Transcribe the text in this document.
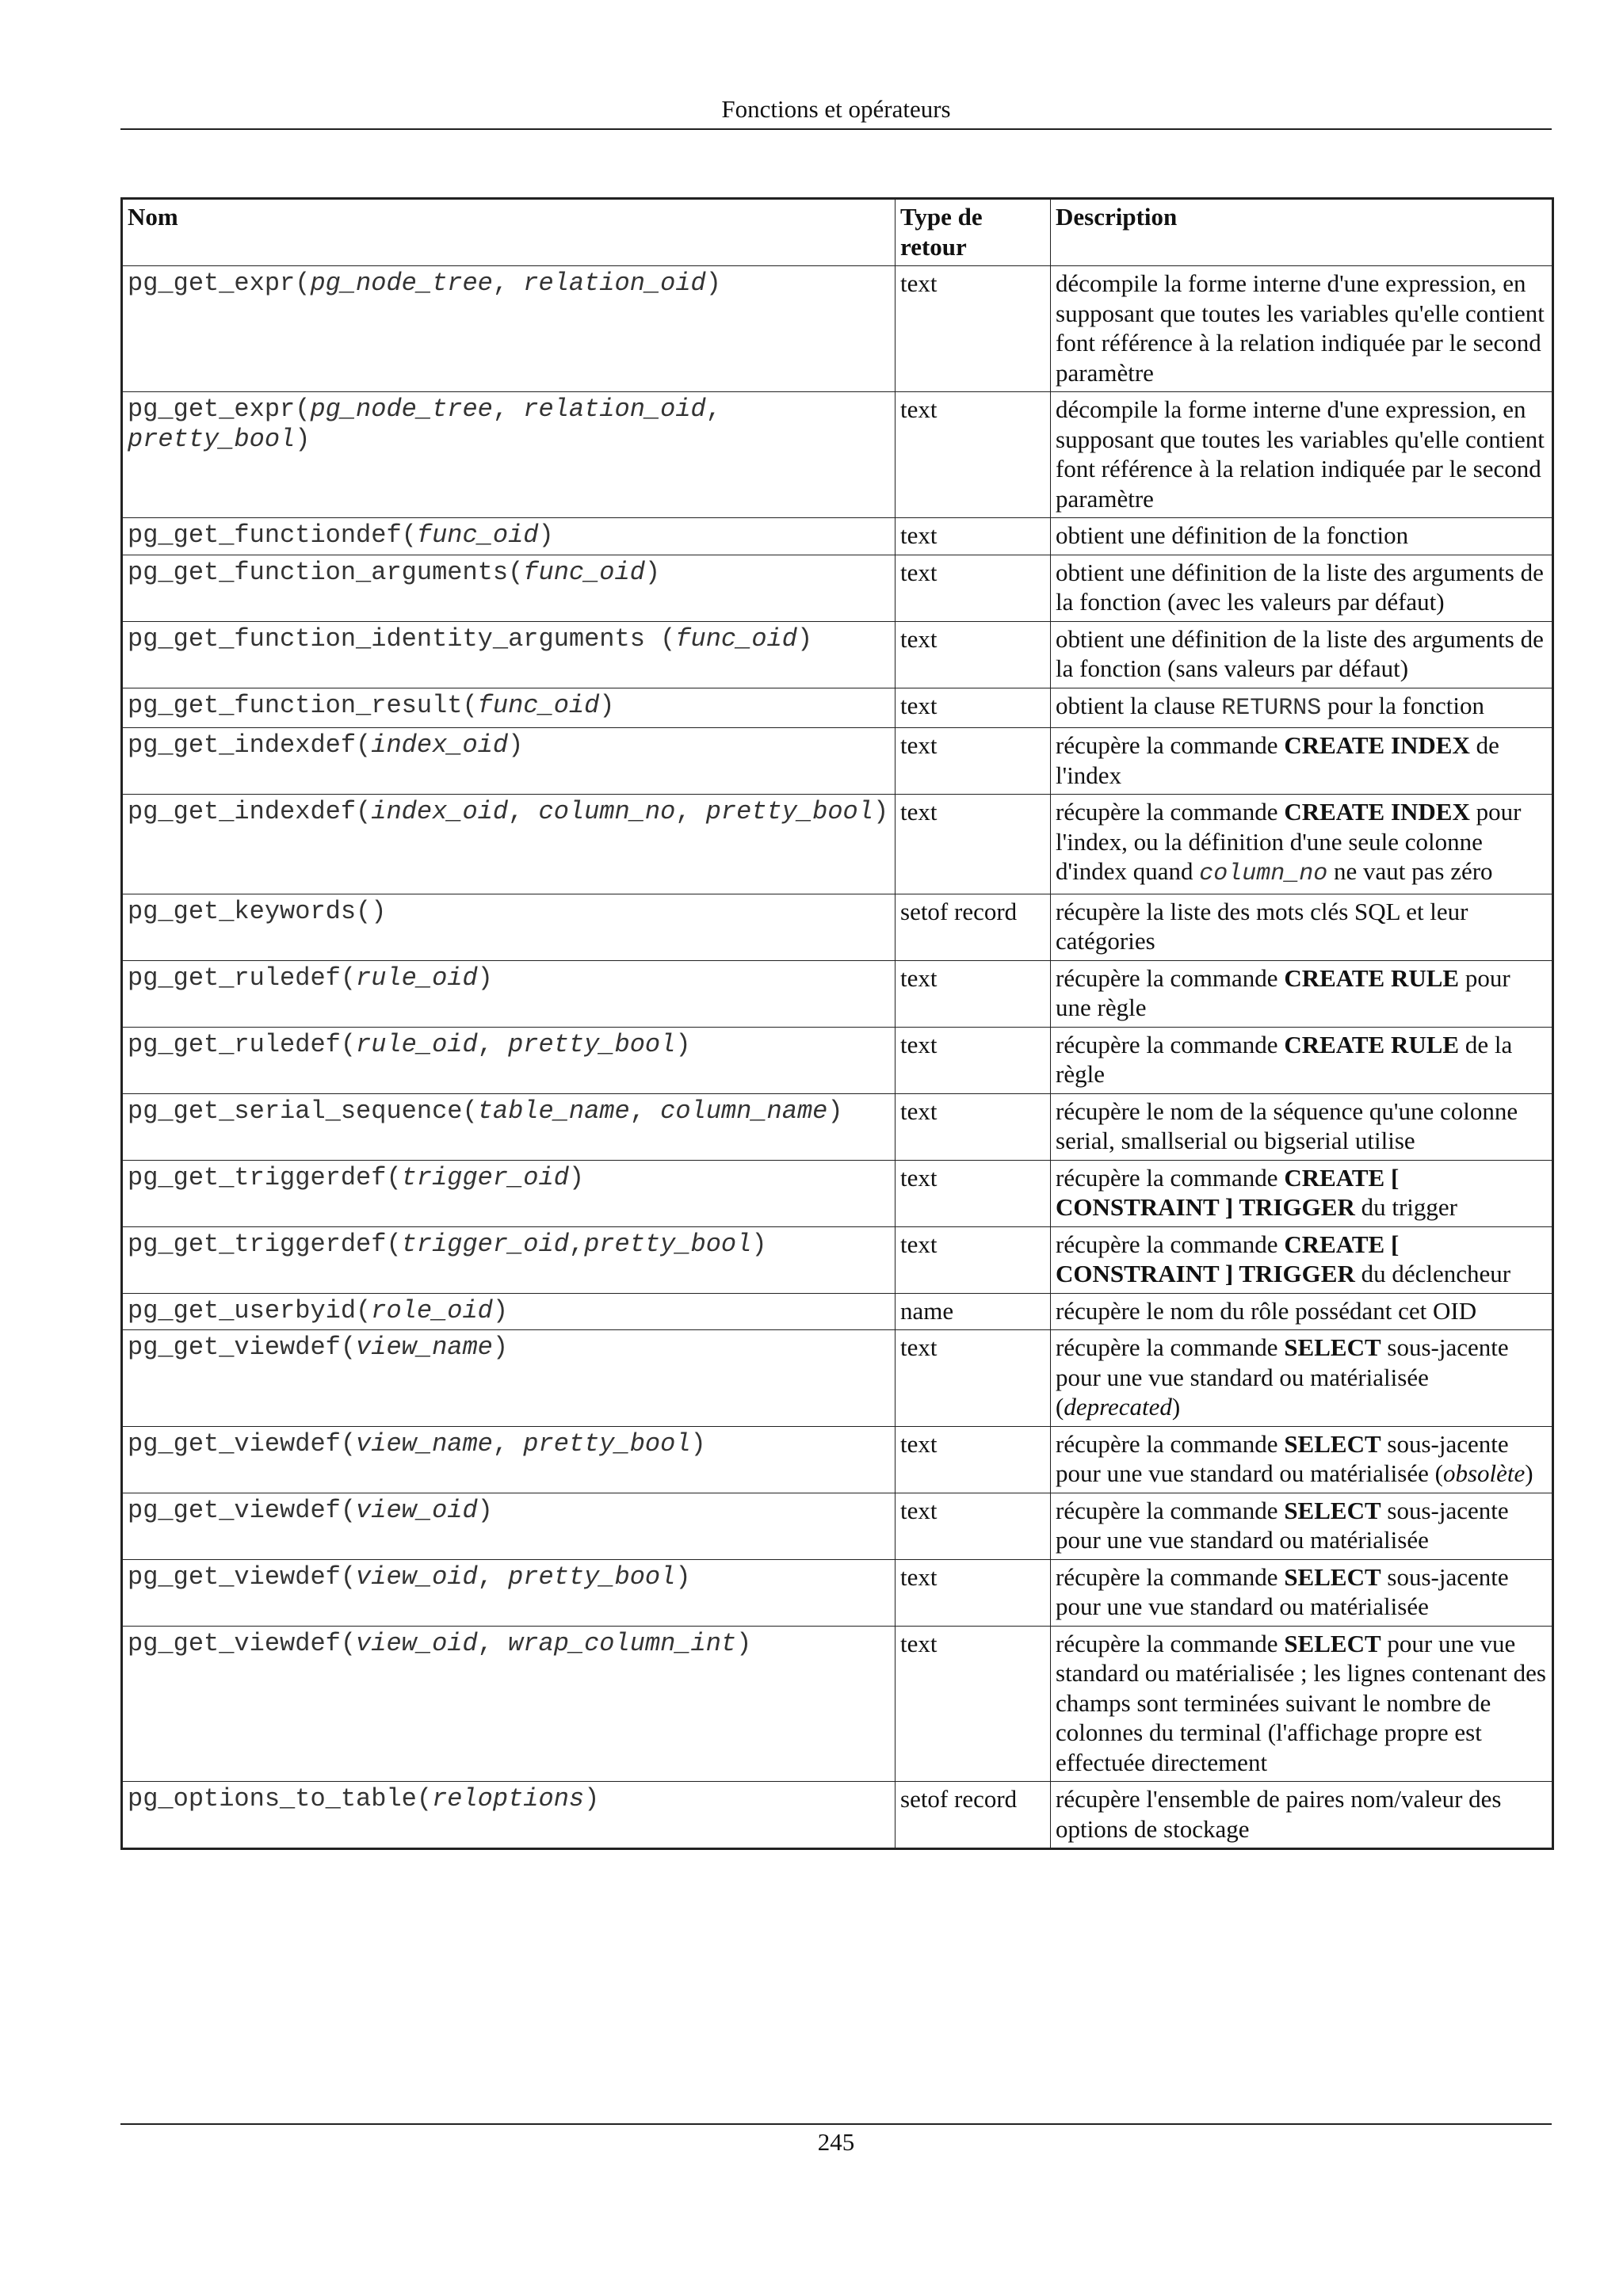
Fonctions et opérateurs
Nom	Type de retour	Description
pg_get_expr(pg_node_tree, relation_oid)	text	décompile la forme interne d'une expression, en supposant que toutes les variables qu'elle contient font référence à la relation indiquée par le second paramètre
pg_get_expr(pg_node_tree, relation_oid, pretty_bool)	text	décompile la forme interne d'une expression, en supposant que toutes les variables qu'elle contient font référence à la relation indiquée par le second paramètre
pg_get_functiondef(func_oid)	text	obtient une définition de la fonction
pg_get_function_arguments(func_oid)	text	obtient une définition de la liste des arguments de la fonction (avec les valeurs par défaut)
pg_get_function_identity_arguments (func_oid)	text	obtient une définition de la liste des arguments de la fonction (sans valeurs par défaut)
pg_get_function_result(func_oid)	text	obtient la clause RETURNS pour la fonction
pg_get_indexdef(index_oid)	text	récupère la commande CREATE INDEX de l'index
pg_get_indexdef(index_oid, column_no, pretty_bool)	text	récupère la commande CREATE INDEX pour l'index, ou la définition d'une seule colonne d'index quand column_no ne vaut pas zéro
pg_get_keywords()	setof record	récupère la liste des mots clés SQL et leur catégories
pg_get_ruledef(rule_oid)	text	récupère la commande CREATE RULE pour une règle
pg_get_ruledef(rule_oid, pretty_bool)	text	récupère la commande CREATE RULE de la règle
pg_get_serial_sequence(table_name, column_name)	text	récupère le nom de la séquence qu'une colonne serial, smallserial ou bigserial utilise
pg_get_triggerdef(trigger_oid)	text	récupère la commande CREATE [ CONSTRAINT ] TRIGGER du trigger
pg_get_triggerdef(trigger_oid,pretty_bool)	text	récupère la commande CREATE [ CONSTRAINT ] TRIGGER du déclencheur
pg_get_userbyid(role_oid)	name	récupère le nom du rôle possédant cet OID
pg_get_viewdef(view_name)	text	récupère la commande SELECT sous-jacente pour une vue standard ou matérialisée (deprecated)
pg_get_viewdef(view_name, pretty_bool)	text	récupère la commande SELECT sous-jacente pour une vue standard ou matérialisée (obsolète)
pg_get_viewdef(view_oid)	text	récupère la commande SELECT sous-jacente pour une vue standard ou matérialisée
pg_get_viewdef(view_oid, pretty_bool)	text	récupère la commande SELECT sous-jacente pour une vue standard ou matérialisée
pg_get_viewdef(view_oid, wrap_column_int)	text	récupère la commande SELECT pour une vue standard ou matérialisée ; les lignes contenant des champs sont terminées suivant le nombre de colonnes du terminal (l'affichage propre est effectuée directement
pg_options_to_table(reloptions)	setof record	récupère l'ensemble de paires nom/valeur des options de stockage
245
